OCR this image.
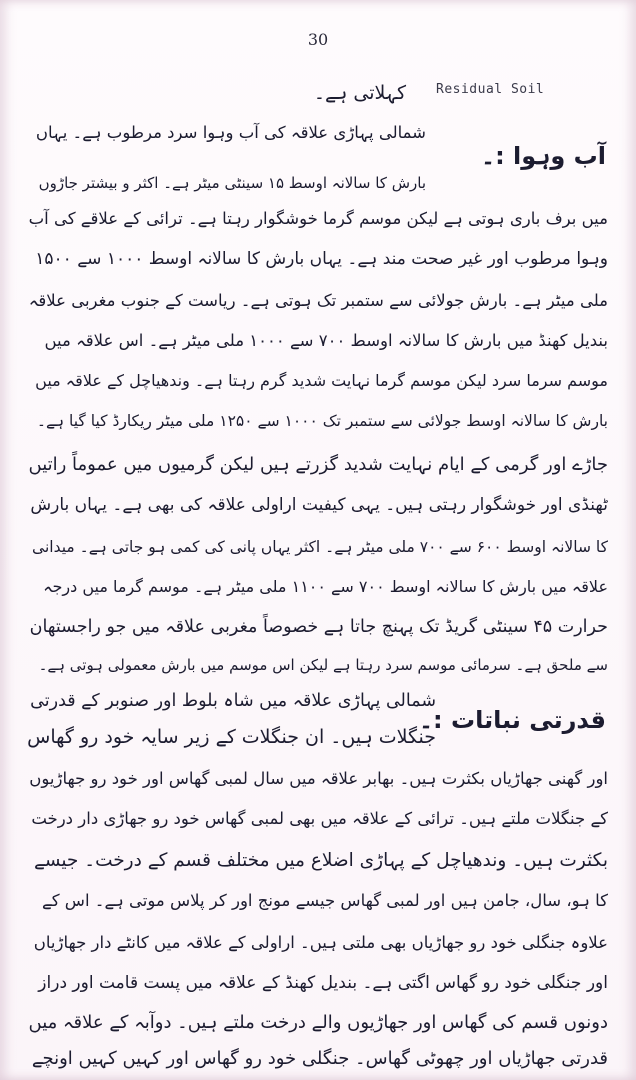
30
Residual Soil
کہلاتی ہے۔
آب وہوا :۔
شمالی پہاڑی علاقہ کی آب وہوا سرد مرطوب ہے۔ یہاں
بارش کا سالانہ اوسط ۱۵ سینٹی میٹر ہے۔ اکثر و بیشتر جاڑوں
میں برف باری ہوتی ہے لیکن موسم گرما خوشگوار رہتا ہے۔ ترائی کے علاقے کی آب
وہوا مرطوب اور غیر صحت مند ہے۔ یہاں بارش کا سالانہ اوسط ۱۰۰۰ سے ۱۵۰۰
ملی میٹر ہے۔ بارش جولائی سے ستمبر تک ہوتی ہے۔ ریاست کے جنوب مغربی علاقہ
بندیل کھنڈ میں بارش کا سالانہ اوسط ۷۰۰ سے ۱۰۰۰ ملی میٹر ہے۔ اس علاقہ میں
موسم سرما سرد لیکن موسم گرما نہایت شدید گرم رہتا ہے۔ وندھیاچل کے علاقہ میں
بارش کا سالانہ اوسط جولائی سے ستمبر تک ۱۰۰۰ سے ۱۲۵۰ ملی میٹر ریکارڈ کیا گیا ہے۔
جاڑے اور گرمی کے ایام نہایت شدید گزرتے ہیں لیکن گرمیوں میں عموماً راتیں
ٹھنڈی اور خوشگوار رہتی ہیں۔ یہی کیفیت اراولی علاقہ کی بھی ہے۔ یہاں بارش
کا سالانہ اوسط ۶۰۰ سے ۷۰۰ ملی میٹر ہے۔ اکثر یہاں پانی کی کمی ہو جاتی ہے۔ میدانی
علاقہ میں بارش کا سالانہ اوسط ۷۰۰ سے ۱۱۰۰ ملی میٹر ہے۔ موسم گرما میں درجہ
حرارت ۴۵ سینٹی گریڈ تک پہنچ جاتا ہے خصوصاً مغربی علاقہ میں جو راجستھان
سے ملحق ہے۔ سرمائی موسم سرد رہتا ہے لیکن اس موسم میں بارش معمولی ہوتی ہے۔
قدرتی نباتات :۔
شمالی پہاڑی علاقہ میں شاہ بلوط اور صنوبر کے قدرتی
جنگلات ہیں۔ ان جنگلات کے زیر سایہ خود رو گھاس
اور گھنی جھاڑیاں بکثرت ہیں۔ بھابر علاقہ میں سال لمبی گھاس اور خود رو جھاڑیوں
کے جنگلات ملتے ہیں۔ ترائی کے علاقہ میں بھی لمبی گھاس خود رو جھاڑی دار درخت
بکثرت ہیں۔ وندھیاچل کے پہاڑی اضلاع میں مختلف قسم کے درخت۔ جیسے
کا ہو، سال، جامن ہیں اور لمبی گھاس جیسے مونج اور کر پلاس موتی ہے۔ اس کے
علاوہ جنگلی خود رو جھاڑیاں بھی ملتی ہیں۔ اراولی کے علاقہ میں کانٹے دار جھاڑیاں
اور جنگلی خود رو گھاس اگتی ہے۔ بندیل کھنڈ کے علاقہ میں پست قامت اور دراز
دونوں قسم کی گھاس اور جھاڑیوں والے درخت ملتے ہیں۔ دوآبہ کے علاقہ میں
قدرتی جھاڑیاں اور چھوٹی گھاس۔ جنگلی خود رو گھاس اور کہیں کہیں اونچے
